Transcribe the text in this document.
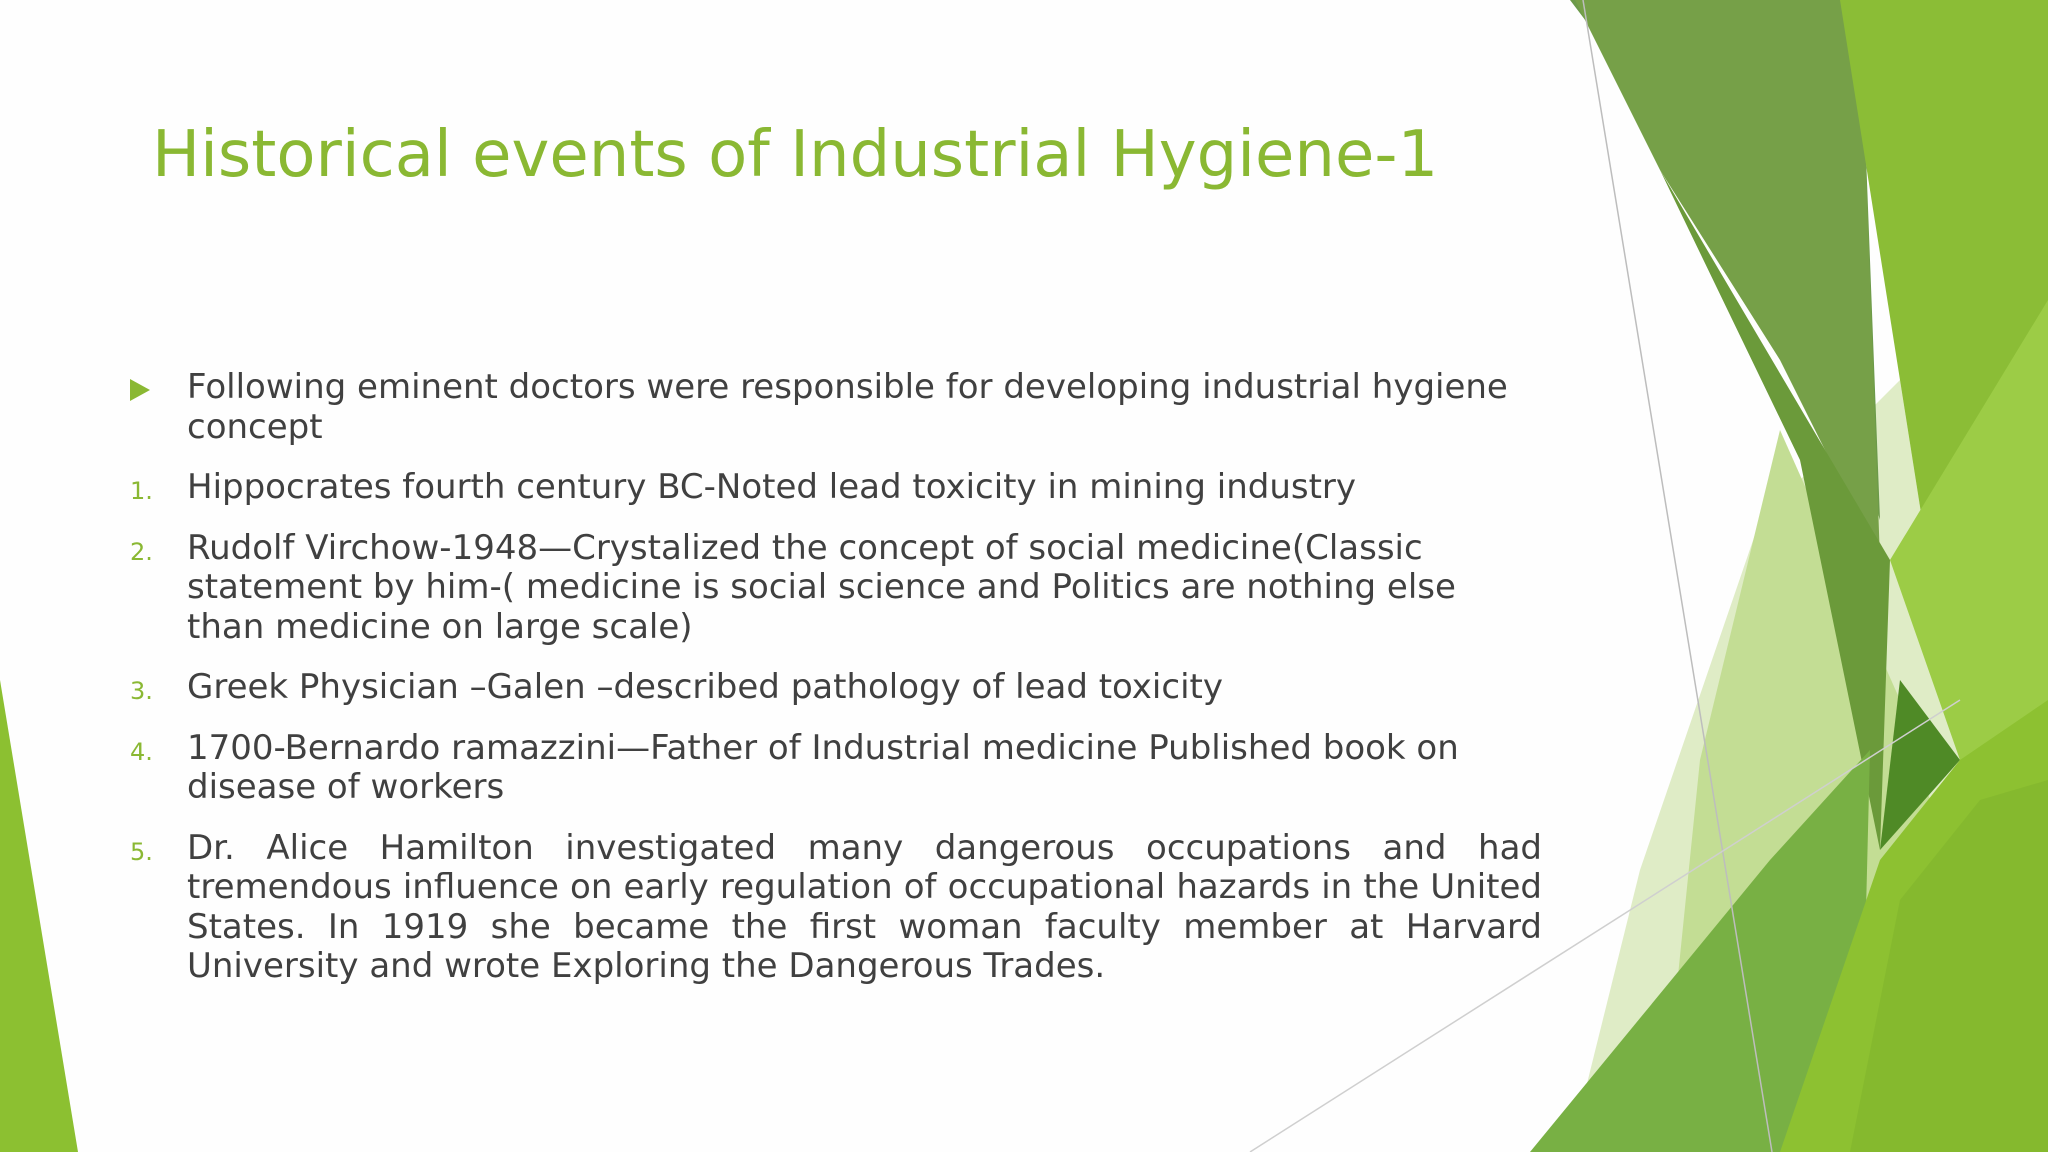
Historical events of Industrial Hygiene-1
Following eminent doctors were responsible for developing industrial hygiene concept
1. Hippocrates fourth century BC-Noted lead toxicity in mining industry
2. Rudolf Virchow-1948—Crystalized the concept of social medicine(Classic statement by him-( medicine is social science and Politics are nothing else than medicine on large scale)
3. Greek Physician –Galen –described pathology of lead toxicity
4. 1700-Bernardo ramazzini—Father of Industrial medicine Published book on disease of workers
5. Dr. Alice Hamilton investigated many dangerous occupations and had tremendous influence on early regulation of occupational hazards in the United States. In 1919 she became the first woman faculty member at Harvard University and wrote Exploring the Dangerous Trades.
